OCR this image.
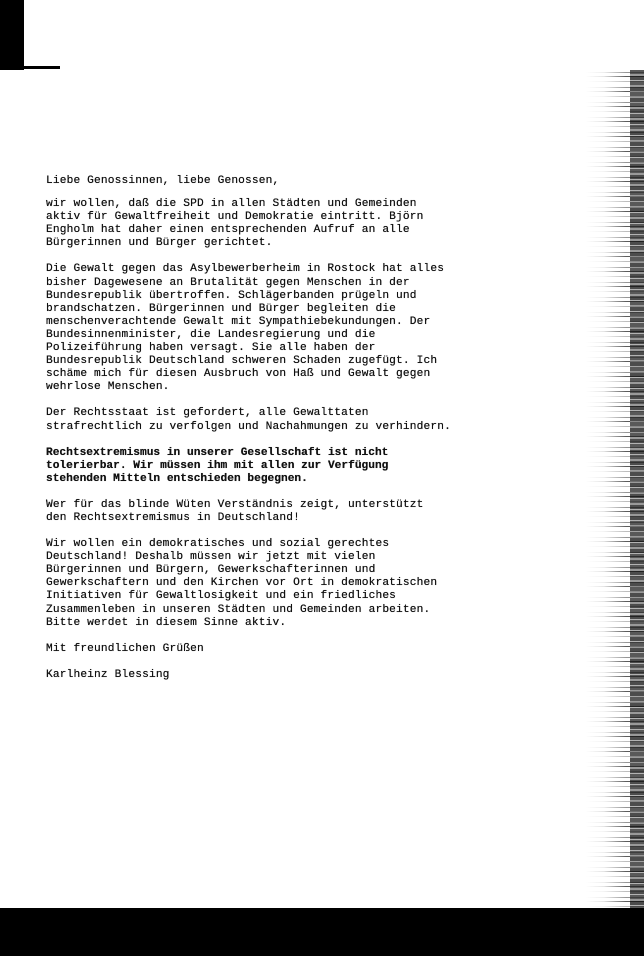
Liebe Genossinnen, liebe Genossen,

wir wollen, daß die SPD in allen Städten und Gemeinden
aktiv für Gewaltfreiheit und Demokratie eintritt. Björn
Engholm hat daher einen entsprechenden Aufruf an alle
Bürgerinnen und Bürger gerichtet.

Die Gewalt gegen das Asylbewerberheim in Rostock hat alles
bisher Dagewesene an Brutalität gegen Menschen in der
Bundesrepublik übertroffen. Schlägerbanden prügeln und
brandschatzen. Bürgerinnen und Bürger begleiten die
menschenverachtende Gewalt mit Sympathiebekundungen. Der
Bundesinnenminister, die Landesregierung und die
Polizeiführung haben versagt. Sie alle haben der
Bundesrepublik Deutschland schweren Schaden zugefügt. Ich
schäme mich für diesen Ausbruch von Haß und Gewalt gegen
wehrlose Menschen.

Der Rechtsstaat ist gefordert, alle Gewalttaten
strafrechtlich zu verfolgen und Nachahmungen zu verhindern.

Rechtsextremismus in unserer Gesellschaft ist nicht
tolerierbar. Wir müssen ihm mit allen zur Verfügung
stehenden Mitteln entschieden begegnen.

Wer für das blinde Wüten Verständnis zeigt, unterstützt
den Rechtsextremismus in Deutschland!

Wir wollen ein demokratisches und sozial gerechtes
Deutschland! Deshalb müssen wir jetzt mit vielen
Bürgerinnen und Bürgern, Gewerkschafterinnen und
Gewerkschaftern und den Kirchen vor Ort in demokratischen
Initiativen für Gewaltlosigkeit und ein friedliches
Zusammenleben in unseren Städten und Gemeinden arbeiten.
Bitte werdet in diesem Sinne aktiv.

Mit freundlichen Grüßen

Karlheinz Blessing
